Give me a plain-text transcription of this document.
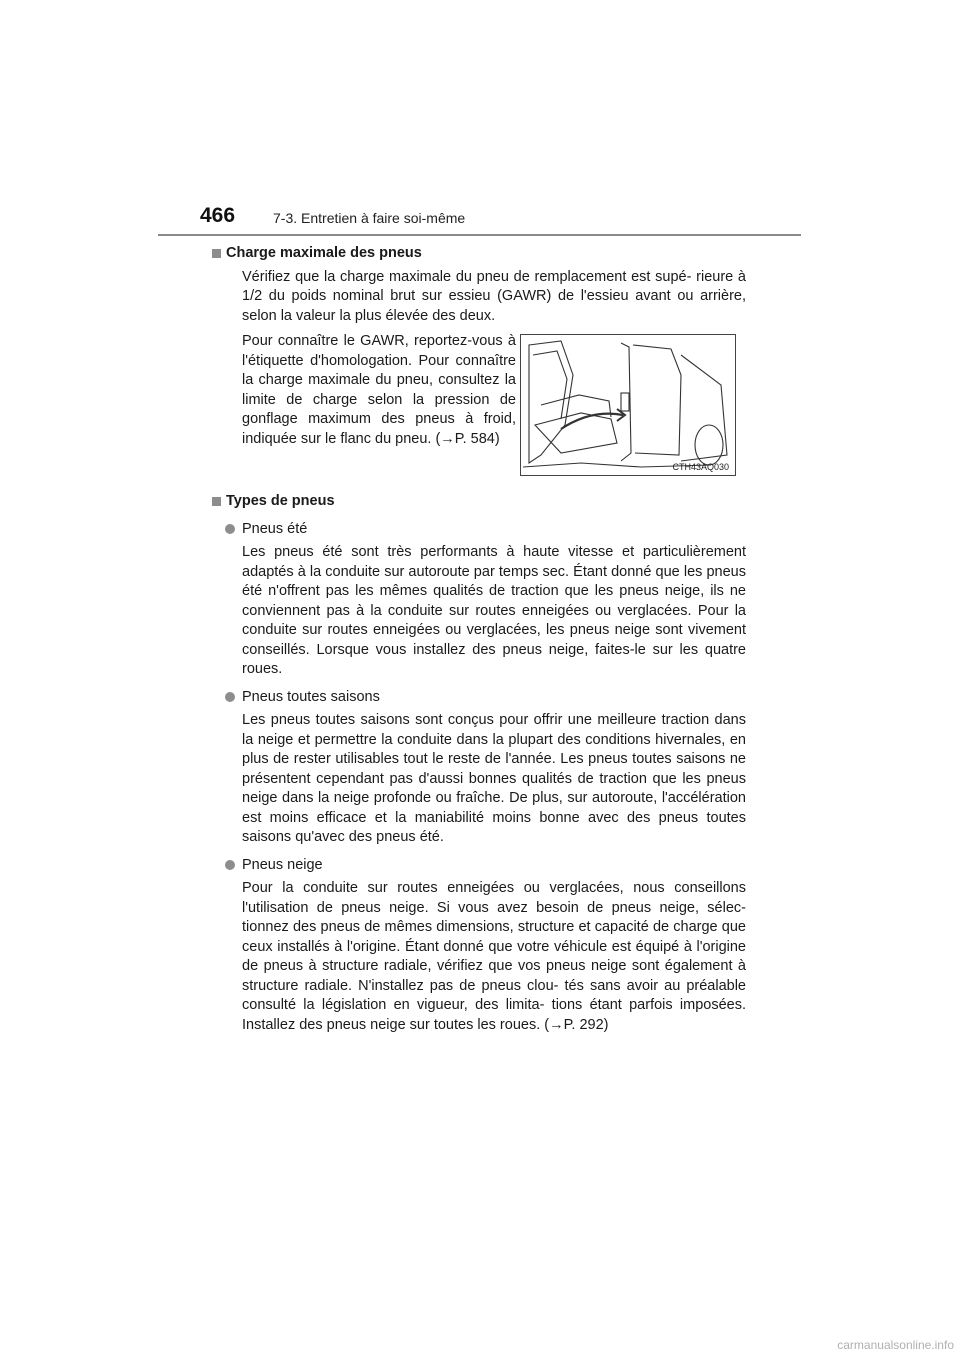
466	7-3. Entretien à faire soi-même
Charge maximale des pneus

Vérifiez que la charge maximale du pneu de remplacement est supé- rieure à 1/2 du poids nominal brut sur essieu (GAWR) de l'essieu avant ou arrière, selon la valeur la plus élevée des deux.

Pour connaître le GAWR, reportez-vous à l'étiquette d'homologation. Pour connaître la charge maximale du pneu, consultez la limite de charge selon la pression de gonflage maximum des pneus à froid, indiquée sur le flanc du pneu. (→P. 584)

Types de pneus
Pneus été

Les pneus été sont très performants à haute vitesse et particulièrement adaptés à la conduite sur autoroute par temps sec. Étant donné que les pneus été n'offrent pas les mêmes qualités de traction que les pneus neige, ils ne conviennent pas à la conduite sur routes enneigées ou verglacées. Pour la conduite sur routes enneigées ou verglacées, les pneus neige sont vivement conseillés. Lorsque vous installez des pneus neige, faites-le sur les quatre roues.

Pneus toutes saisons

Les pneus toutes saisons sont conçus pour offrir une meilleure traction dans la neige et permettre la conduite dans la plupart des conditions hivernales, en plus de rester utilisables tout le reste de l'année. Les pneus toutes saisons ne présentent cependant pas d'aussi bonnes qualités de traction que les pneus neige dans la neige profonde ou fraîche. De plus, sur autoroute, l'accélération est moins efficace et la maniabilité moins bonne avec des pneus toutes saisons qu'avec des pneus été.

Pneus neige

Pour la conduite sur routes enneigées ou verglacées, nous conseillons l'utilisation de pneus neige. Si vous avez besoin de pneus neige, sélec- tionnez des pneus de mêmes dimensions, structure et capacité de charge que ceux installés à l'origine. Étant donné que votre véhicule est équipé à l'origine de pneus à structure radiale, vérifiez que vos pneus neige sont également à structure radiale. N'installez pas de pneus clou- tés sans avoir au préalable consulté la législation en vigueur, des limita- tions étant parfois imposées. Installez des pneus neige sur toutes les roues. (→P. 292)

CTH43AQ030
carmanualsonline.info
